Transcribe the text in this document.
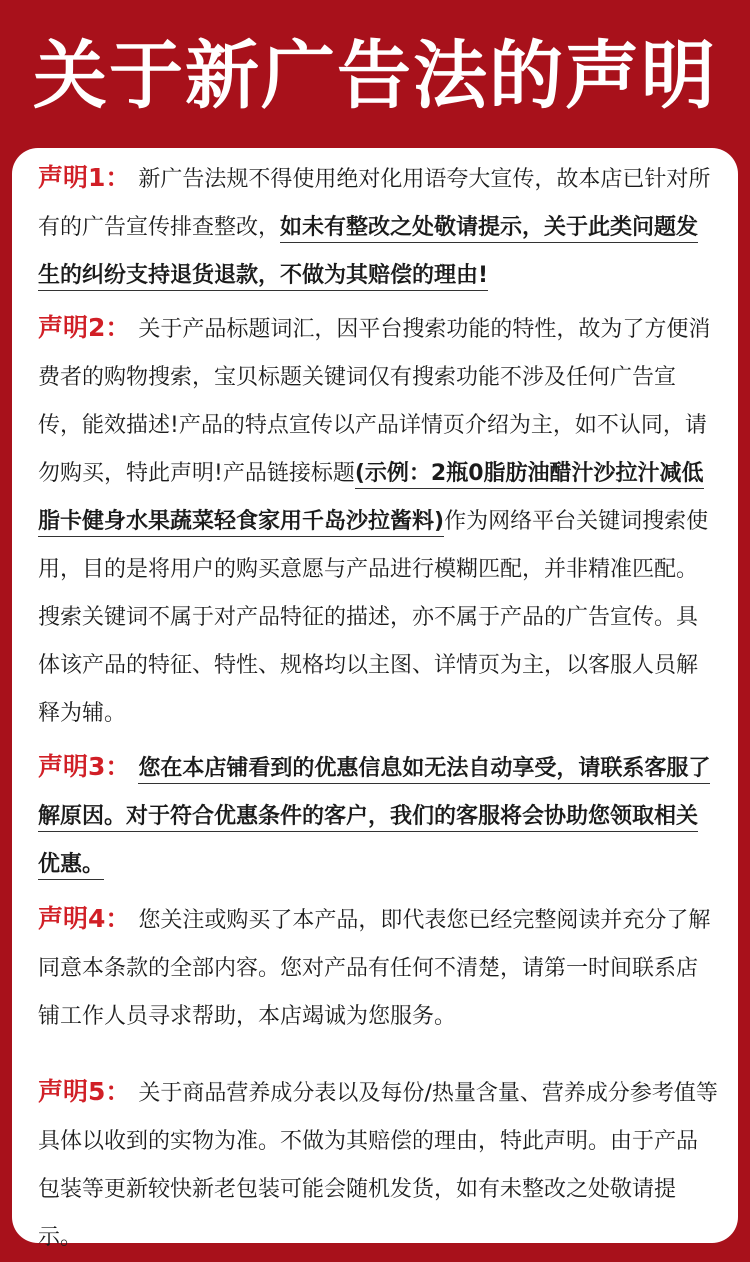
关于新广告法的声明
声明1： 新广告法规不得使用绝对化用语夸大宣传，故本店已针对所有的广告宣传排查整改，如未有整改之处敬请提示，关于此类问题发生的纠纷支持退货退款，不做为其赔偿的理由!
声明2： 关于产品标题词汇，因平台搜索功能的特性，故为了方便消费者的购物搜索，宝贝标题关键词仅有搜索功能不涉及任何广告宣传，能效描述!产品的特点宣传以产品详情页介绍为主，如不认同，请勿购买，特此声明!产品链接标题(示例：2瓶0脂肪油醋汁沙拉汁减低脂卡健身水果蔬菜轻食家用千岛沙拉酱料)作为网络平台关键词搜索使用，目的是将用户的购买意愿与产品进行模糊匹配，并非精准匹配。搜索关键词不属于对产品特征的描述，亦不属于产品的广告宣传。具体该产品的特征、特性、规格均以主图、详情页为主，以客服人员解释为辅。
声明3： 您在本店铺看到的优惠信息如无法自动享受，请联系客服了解原因。对于符合优惠条件的客户，我们的客服将会协助您领取相关优惠。
声明4： 您关注或购买了本产品，即代表您已经完整阅读并充分了解同意本条款的全部内容。您对产品有任何不清楚，请第一时间联系店铺工作人员寻求帮助，本店竭诚为您服务。
声明5： 关于商品营养成分表以及每份/热量含量、营养成分参考值等具体以收到的实物为准。不做为其赔偿的理由，特此声明。由于产品包装等更新较快新老包装可能会随机发货，如有未整改之处敬请提示。
